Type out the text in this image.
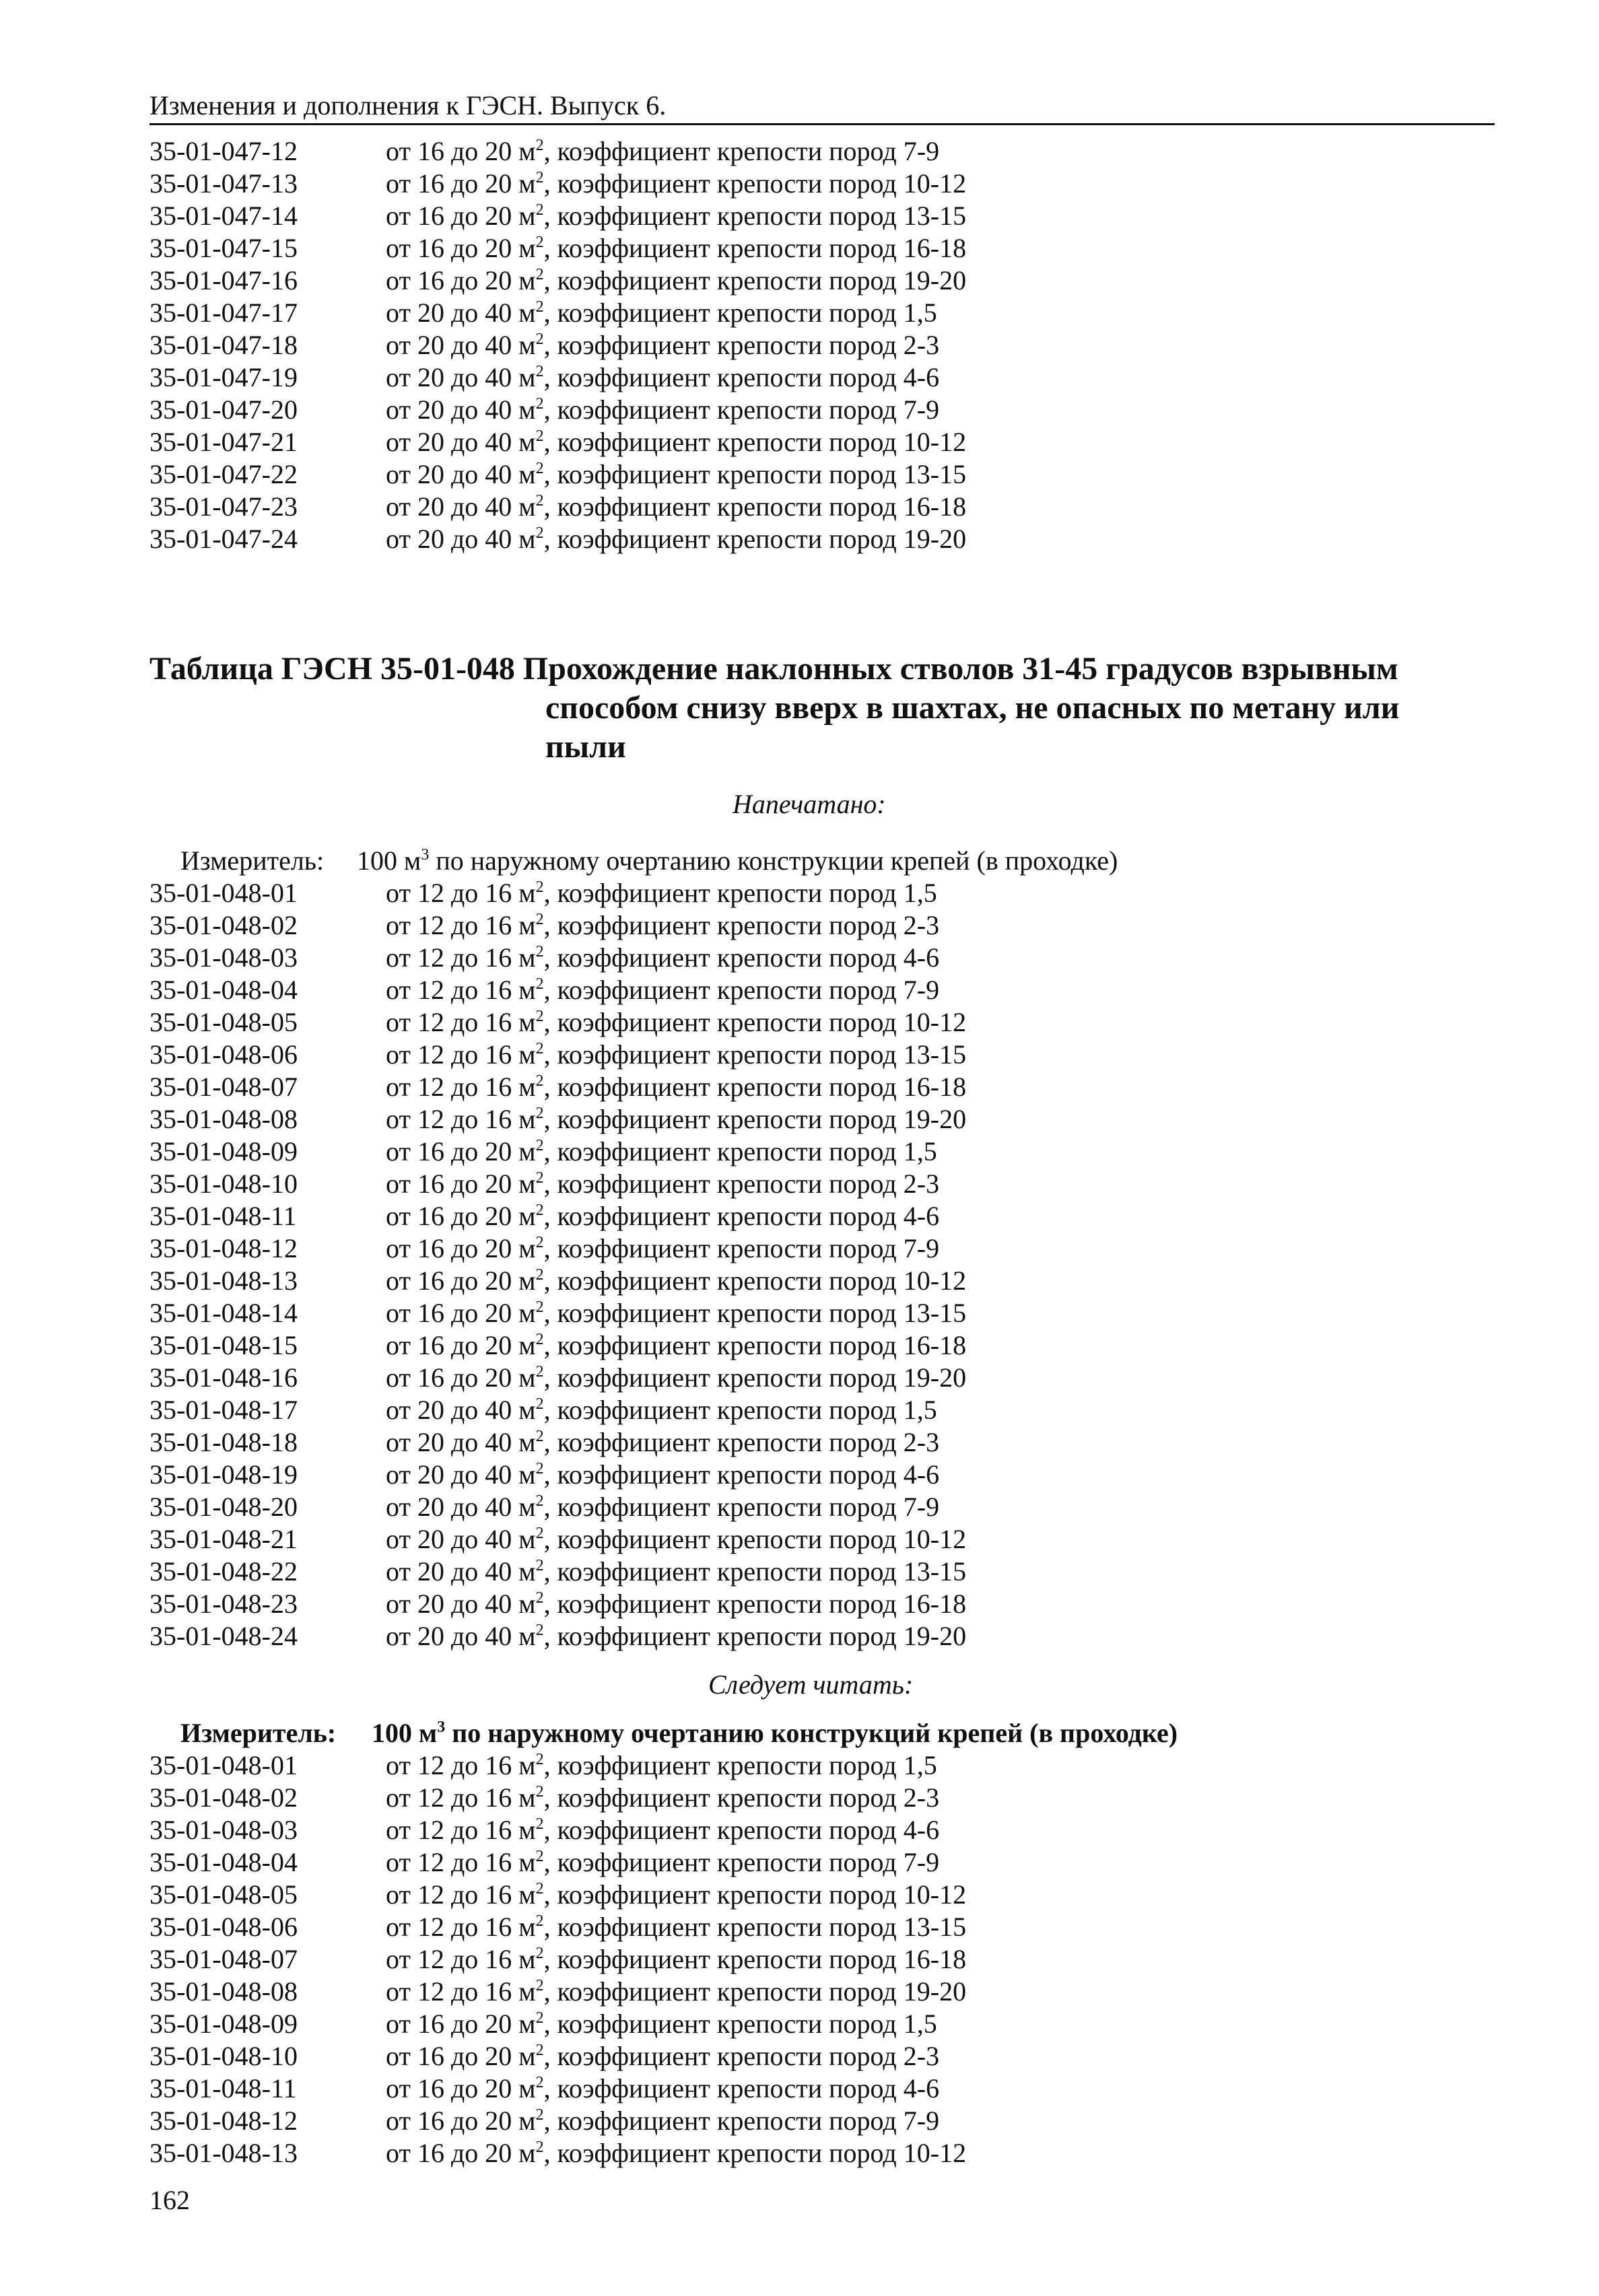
Изменения и дополнения к ГЭСН. Выпуск 6.
35-01-047-12	от 16 до 20 $м^2$, коэффициент крепости пород 7-9
35-01-047-13	от 16 до 20 $м^2$, коэффициент крепости пород 10-12
35-01-047-14	от 16 до 20 $м^2$, коэффициент крепости пород 13-15
35-01-047-15	от 16 до 20 $м^2$, коэффициент крепости пород 16-18
35-01-047-16	от 16 до 20 $м^2$, коэффициент крепости пород 19-20
35-01-047-17	от 20 до 40 $м^2$, коэффициент крепости пород 1,5
35-01-047-18	от 20 до 40 $м^2$, коэффициент крепости пород 2-3
35-01-047-19	от 20 до 40 $м^2$, коэффициент крепости пород 4-6
35-01-047-20	от 20 до 40 $м^2$, коэффициент крепости пород 7-9
35-01-047-21	от 20 до 40 $м^2$, коэффициент крепости пород 10-12
35-01-047-22	от 20 до 40 $м^2$, коэффициент крепости пород 13-15
35-01-047-23	от 20 до 40 $м^2$, коэффициент крепости пород 16-18
35-01-047-24	от 20 до 40 $м^2$, коэффициент крепости пород 19-20
Таблица ГЭСН 35-01-048 Прохождение наклонных стволов 31-45 градусов взрывным
способом снизу вверх в шахтах, не опасных по метану или
пыли
Напечатано:
Измеритель: 100 $м^3$ по наружному очертанию конструкции крепей (в проходке)
35-01-048-01	от 12 до 16 $м^2$, коэффициент крепости пород 1,5
35-01-048-02	от 12 до 16 $м^2$, коэффициент крепости пород 2-3
35-01-048-03	от 12 до 16 $м^2$, коэффициент крепости пород 4-6
35-01-048-04	от 12 до 16 $м^2$, коэффициент крепости пород 7-9
35-01-048-05	от 12 до 16 $м^2$, коэффициент крепости пород 10-12
35-01-048-06	от 12 до 16 $м^2$, коэффициент крепости пород 13-15
35-01-048-07	от 12 до 16 $м^2$, коэффициент крепости пород 16-18
35-01-048-08	от 12 до 16 $м^2$, коэффициент крепости пород 19-20
35-01-048-09	от 16 до 20 $м^2$, коэффициент крепости пород 1,5
35-01-048-10	от 16 до 20 $м^2$, коэффициент крепости пород 2-3
35-01-048-11	от 16 до 20 $м^2$, коэффициент крепости пород 4-6
35-01-048-12	от 16 до 20 $м^2$, коэффициент крепости пород 7-9
35-01-048-13	от 16 до 20 $м^2$, коэффициент крепости пород 10-12
35-01-048-14	от 16 до 20 $м^2$, коэффициент крепости пород 13-15
35-01-048-15	от 16 до 20 $м^2$, коэффициент крепости пород 16-18
35-01-048-16	от 16 до 20 $м^2$, коэффициент крепости пород 19-20
35-01-048-17	от 20 до 40 $м^2$, коэффициент крепости пород 1,5
35-01-048-18	от 20 до 40 $м^2$, коэффициент крепости пород 2-3
35-01-048-19	от 20 до 40 $м^2$, коэффициент крепости пород 4-6
35-01-048-20	от 20 до 40 $м^2$, коэффициент крепости пород 7-9
35-01-048-21	от 20 до 40 $м^2$, коэффициент крепости пород 10-12
35-01-048-22	от 20 до 40 $м^2$, коэффициент крепости пород 13-15
35-01-048-23	от 20 до 40 $м^2$, коэффициент крепости пород 16-18
35-01-048-24	от 20 до 40 $м^2$, коэффициент крепости пород 19-20
Следует читать:
Измеритель: 100 $м^3$ по наружному очертанию конструкций крепей (в проходке)
35-01-048-01	от 12 до 16 $м^2$, коэффициент крепости пород 1,5
35-01-048-02	от 12 до 16 $м^2$, коэффициент крепости пород 2-3
35-01-048-03	от 12 до 16 $м^2$, коэффициент крепости пород 4-6
35-01-048-04	от 12 до 16 $м^2$, коэффициент крепости пород 7-9
35-01-048-05	от 12 до 16 $м^2$, коэффициент крепости пород 10-12
35-01-048-06	от 12 до 16 $м^2$, коэффициент крепости пород 13-15
35-01-048-07	от 12 до 16 $м^2$, коэффициент крепости пород 16-18
35-01-048-08	от 12 до 16 $м^2$, коэффициент крепости пород 19-20
35-01-048-09	от 16 до 20 $м^2$, коэффициент крепости пород 1,5
35-01-048-10	от 16 до 20 $м^2$, коэффициент крепости пород 2-3
35-01-048-11	от 16 до 20 $м^2$, коэффициент крепости пород 4-6
35-01-048-12	от 16 до 20 $м^2$, коэффициент крепости пород 7-9
35-01-048-13	от 16 до 20 $м^2$, коэффициент крепости пород 10-12
162
